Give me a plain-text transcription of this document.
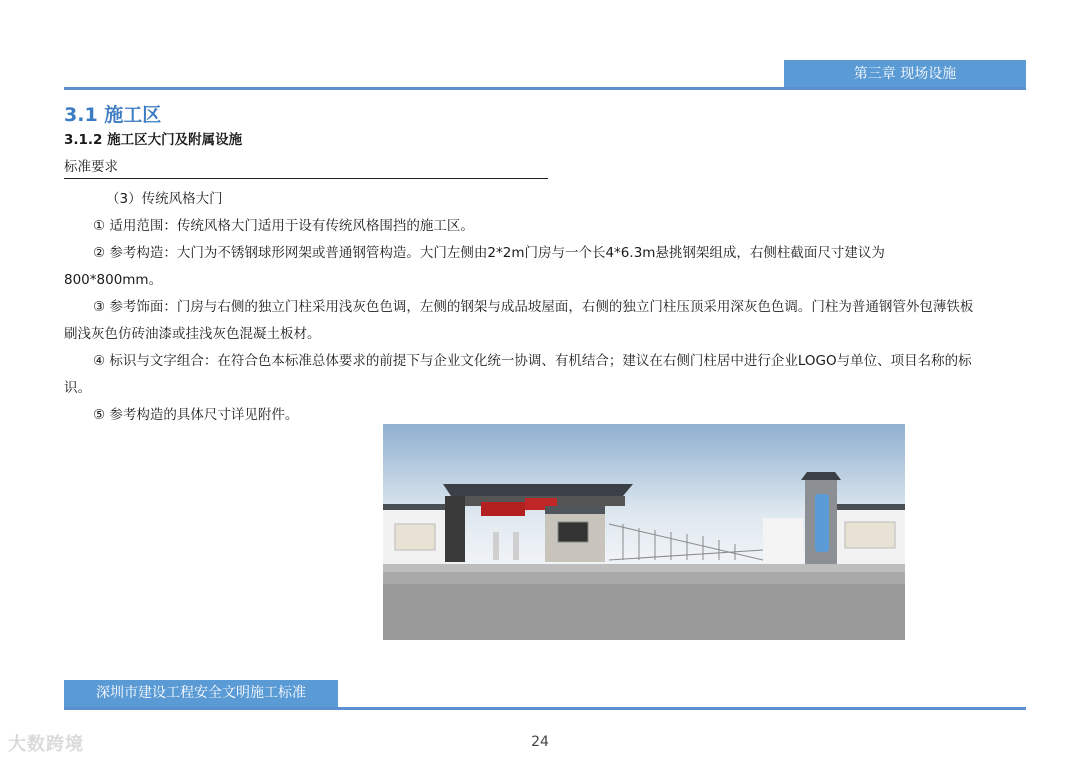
第三章 现场设施
3.1 施工区
3.1.2 施工区大门及附属设施
标准要求

（3）传统风格大门

① 适用范围：传统风格大门适用于设有传统风格围挡的施工区。

② 参考构造：大门为不锈钢球形网架或普通钢管构造。大门左侧由2*2m门房与一个长4*6.3m悬挑钢架组成，右侧柱截面尺寸建议为800*800mm。

③ 参考饰面：门房与右侧的独立门柱采用浅灰色色调，左侧的钢架与成品坡屋面，右侧的独立门柱压顶采用深灰色色调。门柱为普通钢管外包薄铁板刷浅灰色仿砖油漆或挂浅灰色混凝土板材。

④ 标识与文字组合：在符合色本标准总体要求的前提下与企业文化统一协调、有机结合；建议在右侧门柱居中进行企业LOGO与单位、项目名称的标识。

⑤ 参考构造的具体尺寸详见附件。

深圳市建设工程安全文明施工标准
24
大数跨境
